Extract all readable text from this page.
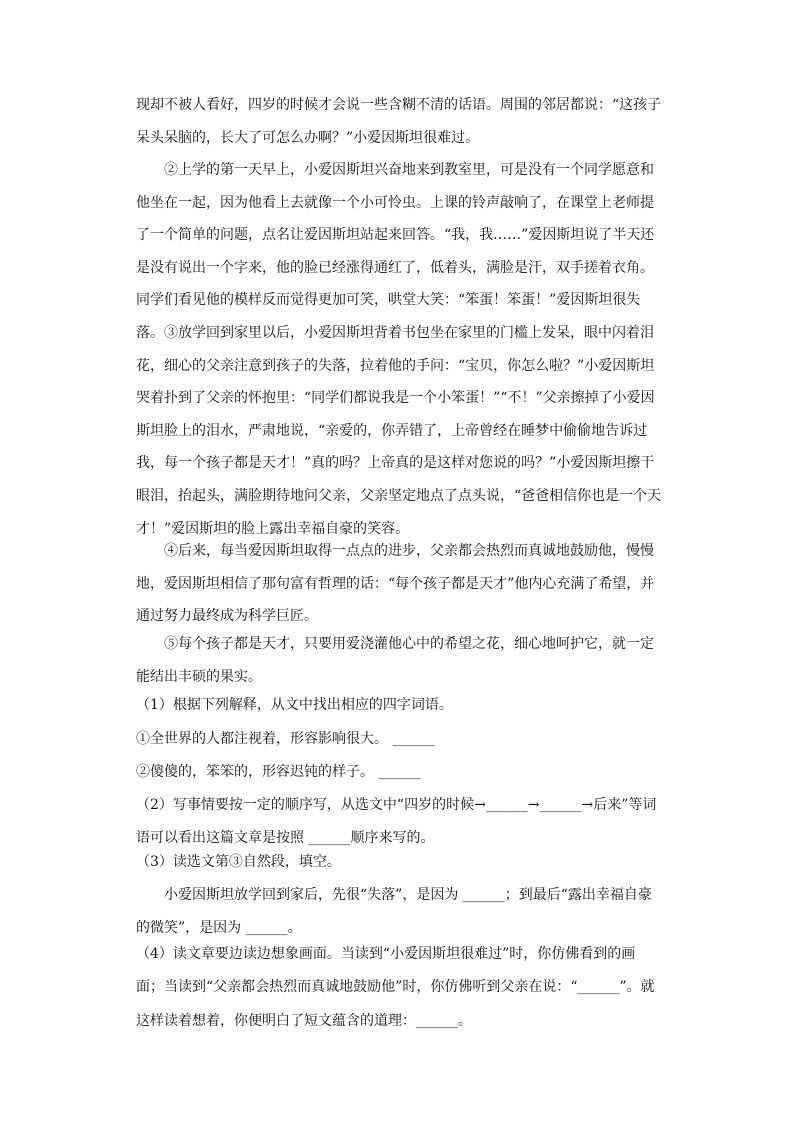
现却不被人看好，四岁的时候才会说一些含糊不清的话语。周围的邻居都说：“这孩子呆头呆脑的，长大了可怎么办啊？”小爱因斯坦很难过。

②上学的第一天早上，小爱因斯坦兴奋地来到教室里，可是没有一个同学愿意和他坐在一起，因为他看上去就像一个小可怜虫。上课的铃声敲响了，在课堂上老师提了一个简单的问题，点名让爱因斯坦站起来回答。“我，我……”爱因斯坦说了半天还是没有说出一个字来，他的脸已经涨得通红了，低着头，满脸是汗，双手搓着衣角。同学们看见他的模样反而觉得更加可笑，哄堂大笑：“笨蛋！笨蛋！”爱因斯坦很失落。 ③放学回到家里以后，小爱因斯坦背着书包坐在家里的门槛上发呆，眼中闪着泪花，细心的父亲注意到孩子的失落，拉着他的手问：“宝贝，你怎么啦？”小爱因斯坦哭着扑到了父亲的怀抱里：“同学们都说我是一个小笨蛋！”“不！”父亲擦掉了小爱因斯坦脸上的泪水，严肃地说，“亲爱的，你弄错了，上帝曾经在睡梦中偷偷地告诉过我，每一个孩子都是天才！”真的吗？上帝真的是这样对您说的吗？”小爱因斯坦擦干眼泪，抬起头，满脸期待地问父亲，父亲坚定地点了点头说，“爸爸相信你也是一个天才！”爱因斯坦的脸上露出幸福自豪的笑容。

④后来，每当爱因斯坦取得一点点的进步，父亲都会热烈而真诚地鼓励他，慢慢地，爱因斯坦相信了那句富有哲理的话：“每个孩子都是天才”他内心充满了希望，并通过努力最终成为科学巨匠。

⑤每个孩子都是天才，只要用爱浇灌他心中的希望之花，细心地呵护它，就一定能结出丰硕的果实。

（1）根据下列解释，从文中找出相应的四字词语。

①全世界的人都注视着，形容影响很大。 ______

②傻傻的，笨笨的，形容迟钝的样子。 ______

（2）写事情要按一定的顺序写，从选文中“四岁的时候→______→______→后来”等词语可以看出这篇文章是按照 ______顺序来写的。

（3）读选文第③自然段，填空。

小爱因斯坦放学回到家后，先很“失落”，是因为 ______；到最后“露出幸福自豪的微笑”，是因为 ______。

（4）读文章要边读边想象画面。当读到“小爱因斯坦很难过”时，你仿佛看到的画面；当读到“父亲都会热烈而真诚地鼓励他”时，你仿佛听到父亲在说：“______”。就这样读着想着，你便明白了短文蕴含的道理：______。
